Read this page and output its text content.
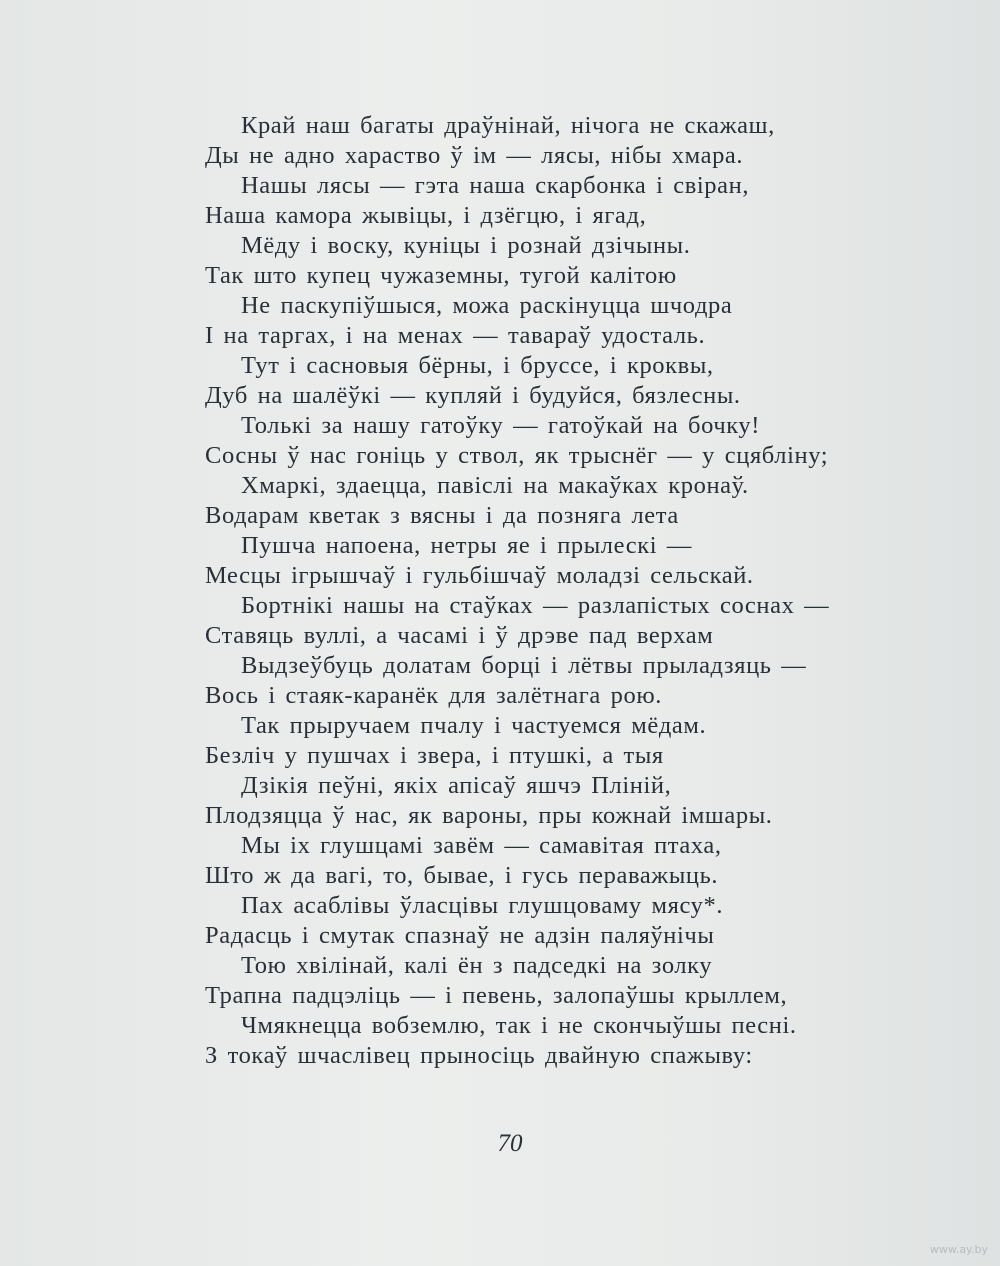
Край наш багаты драўнінай, нічога не скажаш,
Ды не адно хараство ў ім — лясы, нібы хмара.
Нашы лясы — гэта наша скарбонка і свіран,
Наша камора жывіцы, і дзёгцю, і ягад,
Мёду і воску, куніцы і рознай дзічыны.
Так што купец чужаземны, тугой калітою
Не паскупіўшыся, можа раскінуцца шчодра
І на таргах, і на менах — тавараў удосталь.
Тут і сасновыя бёрны, і бруссе, і кроквы,
Дуб на шалёўкі — купляй і будуйся, бязлесны.
Толькі за нашу гатоўку — гатоўкай на бочку!
Сосны ў нас гоніць у ствол, як трыснёг — у сцяблiну;
Хмаркі, здаецца, павіслі на макаўках кронаў.
Водарам кветак з вясны і да позняга лета
Пушча напоена, нетры яе і прылескі —
Месцы ігрышчаў і гульбішчаў моладзі сельскай.
Бортнікі нашы на стаўках — разлапістых соснах —
Ставяць вуллі, а часамі і ў дрэве пад верхам
Выдзеўбуць долатам борці і лётвы прыладзяць —
Вось і стаяк-каранёк для залётнага рою.
Так прыручаем пчалу і частуемся мёдам.
Безліч у пушчах і звера, і птушкі, а тыя
Дзікія пеўні, якіх апісаў яшчэ Пліній,
Плодзяцца ў нас, як вароны, пры кожнай імшары.
Мы іх глушцамі завём — самавітая птаха,
Што ж да вагі, то, бывае, і гусь пераважыць.
Пах асаблівы ўласцівы глушцоваму мясу*.
Радасць і смутак спазнаў не адзін паляўнічы
Тою хвілінай, калі ён з падседкі на золку
Трапна падцэліць — і певень, залопаўшы крыллем,
Чмякнецца вобземлю, так і не скончыўшы песні.
З токаў шчаслівец прыносіць двайную спажыву:
70
www.ay.by
